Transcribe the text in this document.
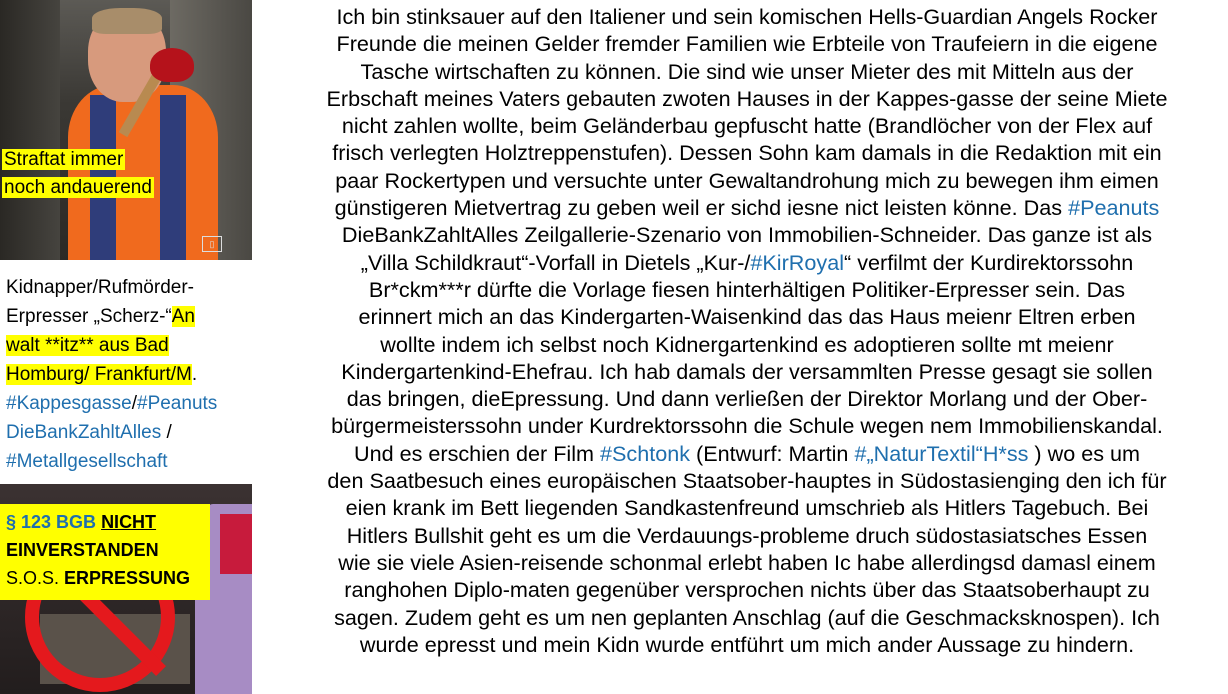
▯
Straftat immer
noch andauerend
Kidnapper/Rufmörder-
Erpresser „Scherz-“An
walt **itz** aus Bad
Homburg/ Frankfurt/M.
#Kappesgasse/#Peanuts
DieBankZahltAlles /
#Metallgesellschaft
§ 123 BGB NICHT
EINVERSTANDEN
S.O.S. ERPRESSUNG
Ich bin stinksauer auf den Italiener und sein komischen Hells-Guardian Angels Rocker
Freunde die meinen Gelder fremder Familien wie Erbteile von Traufeiern in die eigene
Tasche wirtschaften zu können. Die sind wie unser Mieter des mit Mitteln aus der
Erbschaft meines Vaters gebauten zwoten Hauses in der Kappes-gasse der seine Miete
nicht zahlen wollte, beim Geländerbau gepfuscht hatte (Brandlöcher von der Flex auf
frisch verlegten Holztreppenstufen). Dessen Sohn kam damals in die Redaktion mit ein
paar Rockertypen und versuchte unter Gewaltandrohung mich zu bewegen ihm eimen
günstigeren Mietvertrag zu geben weil er sichd iesne nict leisten könne. Das #Peanuts
DieBankZahltAlles Zeilgallerie-Szenario von Immobilien-Schneider. Das ganze ist als
„Villa Schildkraut“-Vorfall in Dietels „Kur-/#KirRoyal“ verfilmt der Kurdirektorssohn
Br*ckm***r dürfte die Vorlage fiesen hinterhältigen Politiker-Erpresser sein. Das
erinnert mich an das Kindergarten-Waisenkind das das Haus meienr Eltren erben
wollte indem ich selbst noch Kidnergartenkind es adoptieren sollte mt meienr
Kindergartenkind-Ehefrau. Ich hab damals der versammlten Presse gesagt sie sollen
das bringen, dieEpressung. Und dann verließen der Direktor Morlang und der Ober-
bürgermeisterssohn under Kurdrektorssohn die Schule wegen nem Immobilienskandal.
Und es erschien der Film #Schtonk (Entwurf: Martin #„NaturTextil“H*ss ) wo es um
den Saatbesuch eines europäischen Staatsober-hauptes in Südostasienging den ich für
eien krank im Bett liegenden Sandkastenfreund umschrieb als Hitlers Tagebuch. Bei
Hitlers Bullshit geht es um die Verdauungs-probleme druch südostasiatsches Essen
wie sie viele Asien-reisende schonmal erlebt haben Ic habe allerdingsd damasl einem
ranghohen Diplo-maten gegenüber versprochen nichts über das Staatsoberhaupt zu
sagen. Zudem geht es um nen geplanten Anschlag (auf die Geschmacksknospen). Ich
wurde epresst und mein Kidn wurde entführt um mich ander Aussage zu hindern.
